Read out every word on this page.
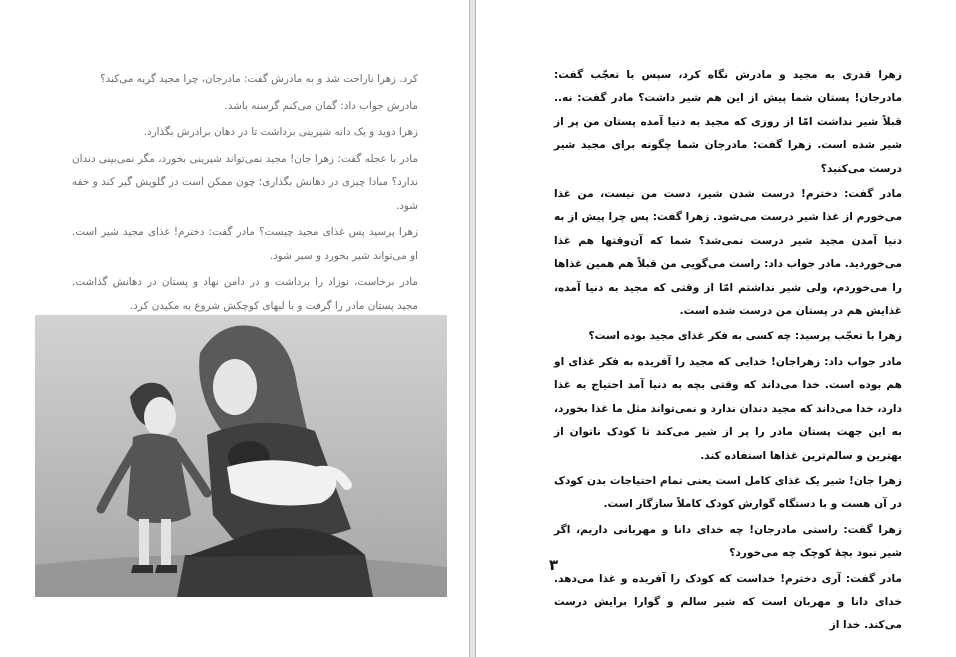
کرد. زهرا ناراحت شد و به مادرش گفت: مادرجان، چرا مجید گریه می‌کند؟

مادرش جواب داد: گمان می‌کنم گرسنه باشد.

زهرا دوید و یک دانه شیرینی برداشت تا در دهان برادرش بگذارد.

مادر با عجله گفت: زهرا جان! مجید نمی‌تواند شیرینی بخورد، مگر نمی‌بینی دندان ندارد؟ مبادا چیزی در دهانش بگذاری؛ چون ممکن است در گلویش گیر کند و خفه شود.

زهرا پرسید پس غذای مجید چیست؟ مادر گفت: دخترم! غذای مجید شیر است. او می‌تواند شیر بخورد و سیر شود.

مادر برخاست، نوزاد را برداشت و در دامن نهاد و پستان در دهانش گذاشت. مجید پستان مادر را گرفت و با لبهای کوچکش شروع به مکیدن کرد.

زهرا قدری به مجید و مادرش نگاه کرد، سپس با تعجّب گفت: مادرجان! پستان شما پیش از این هم شیر داشت؟ مادر گفت: نه.. قبلاً شیر نداشت امّا از روزی که مجید به دنیا آمده پستان من پر از شیر شده است. زهرا گفت: مادرجان شما چگونه برای مجید شیر درست می‌کنید؟

مادر گفت: دخترم! درست شدن شیر، دست من نیست، من غذا می‌خورم از غذا شیر درست می‌شود. زهرا گفت: پس چرا پیش از به دنیا آمدن مجید شیر درست نمی‌شد؟ شما که آن‌وقتها هم غذا می‌خوردید. مادر جواب داد: راست می‌گویی من قبلاً هم همین غذاها را می‌خوردم، ولی شیر نداشتم امّا از وقتی که مجید به دنیا آمده، غذایش هم در پستان من درست شده است.

زهرا با تعجّب پرسید: چه کسی به فکر غذای مجید بوده است؟

مادر جواب داد: زهراجان! خدایی که مجید را آفریده به فکر غذای او هم بوده است. خدا می‌داند که وقتی بچه به دنیا آمد احتیاج به غذا دارد، خدا می‌داند که مجید دندان ندارد و نمی‌تواند مثل ما غذا بخورد، به این جهت پستان مادر را پر از شیر می‌کند تا کودک ناتوان از بهترین و سالم‌ترین غذاها استفاده کند.

زهرا جان! شیر یک غذای کامل است یعنی تمام احتیاجات بدن کودک در آن هست و با دستگاه گوارش کودک کاملاً سازگار است.

زهرا گفت: راستی مادرجان! چه خدای دانا و مهربانی داریم، اگر شیر نبود بچهٔ کوچک چه می‌خورد؟

مادر گفت: آری دخترم! خداست که کودک را آفریده و غذا می‌دهد. خدای دانا و مهربان است که شیر سالم و گوارا برایش درست می‌کند. خدا از

۳
